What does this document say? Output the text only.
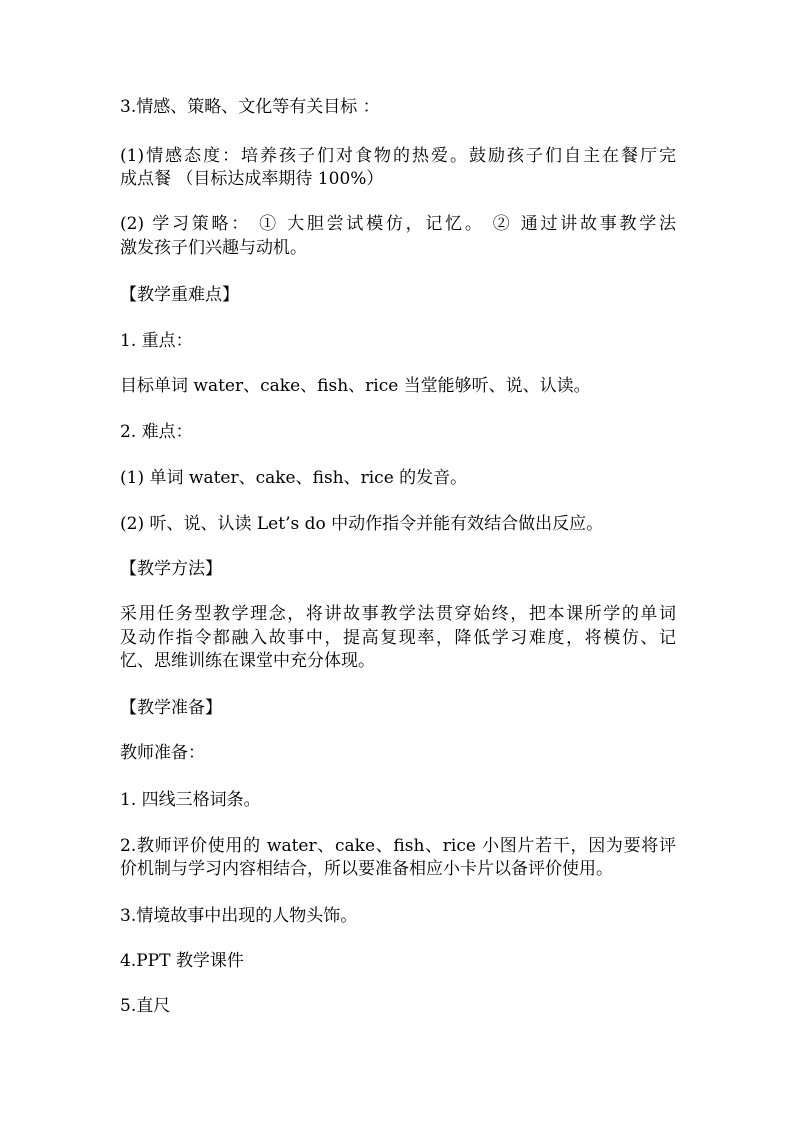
3.情感、策略、文化等有关目标 ：
(1)情感态度：培养孩子们对食物的热爱。鼓励孩子们自主在餐厅完
成点餐 （目标达成率期待 100%）
(2) 学习策略： ① 大胆尝试模仿，记忆。 ② 通过讲故事教学法
激发孩子们兴趣与动机。
【教学重难点】
1. 重点：
目标单词 water、cake、fish、rice 当堂能够听、说、认读。
2. 难点：
(1) 单词 water、cake、fish、rice 的发音。
(2) 听、说、认读 Let’s do 中动作指令并能有效结合做出反应。
【教学方法】
采用任务型教学理念，将讲故事教学法贯穿始终，把本课所学的单词
及动作指令都融入故事中，提高复现率，降低学习难度，将模仿、记
忆、思维训练在课堂中充分体现。
【教学准备】
教师准备：
1. 四线三格词条。
2.教师评价使用的 water、cake、fish、rice 小图片若干，因为要将评
价机制与学习内容相结合，所以要准备相应小卡片以备评价使用。
3.情境故事中出现的人物头饰。
4.PPT 教学课件
5.直尺
